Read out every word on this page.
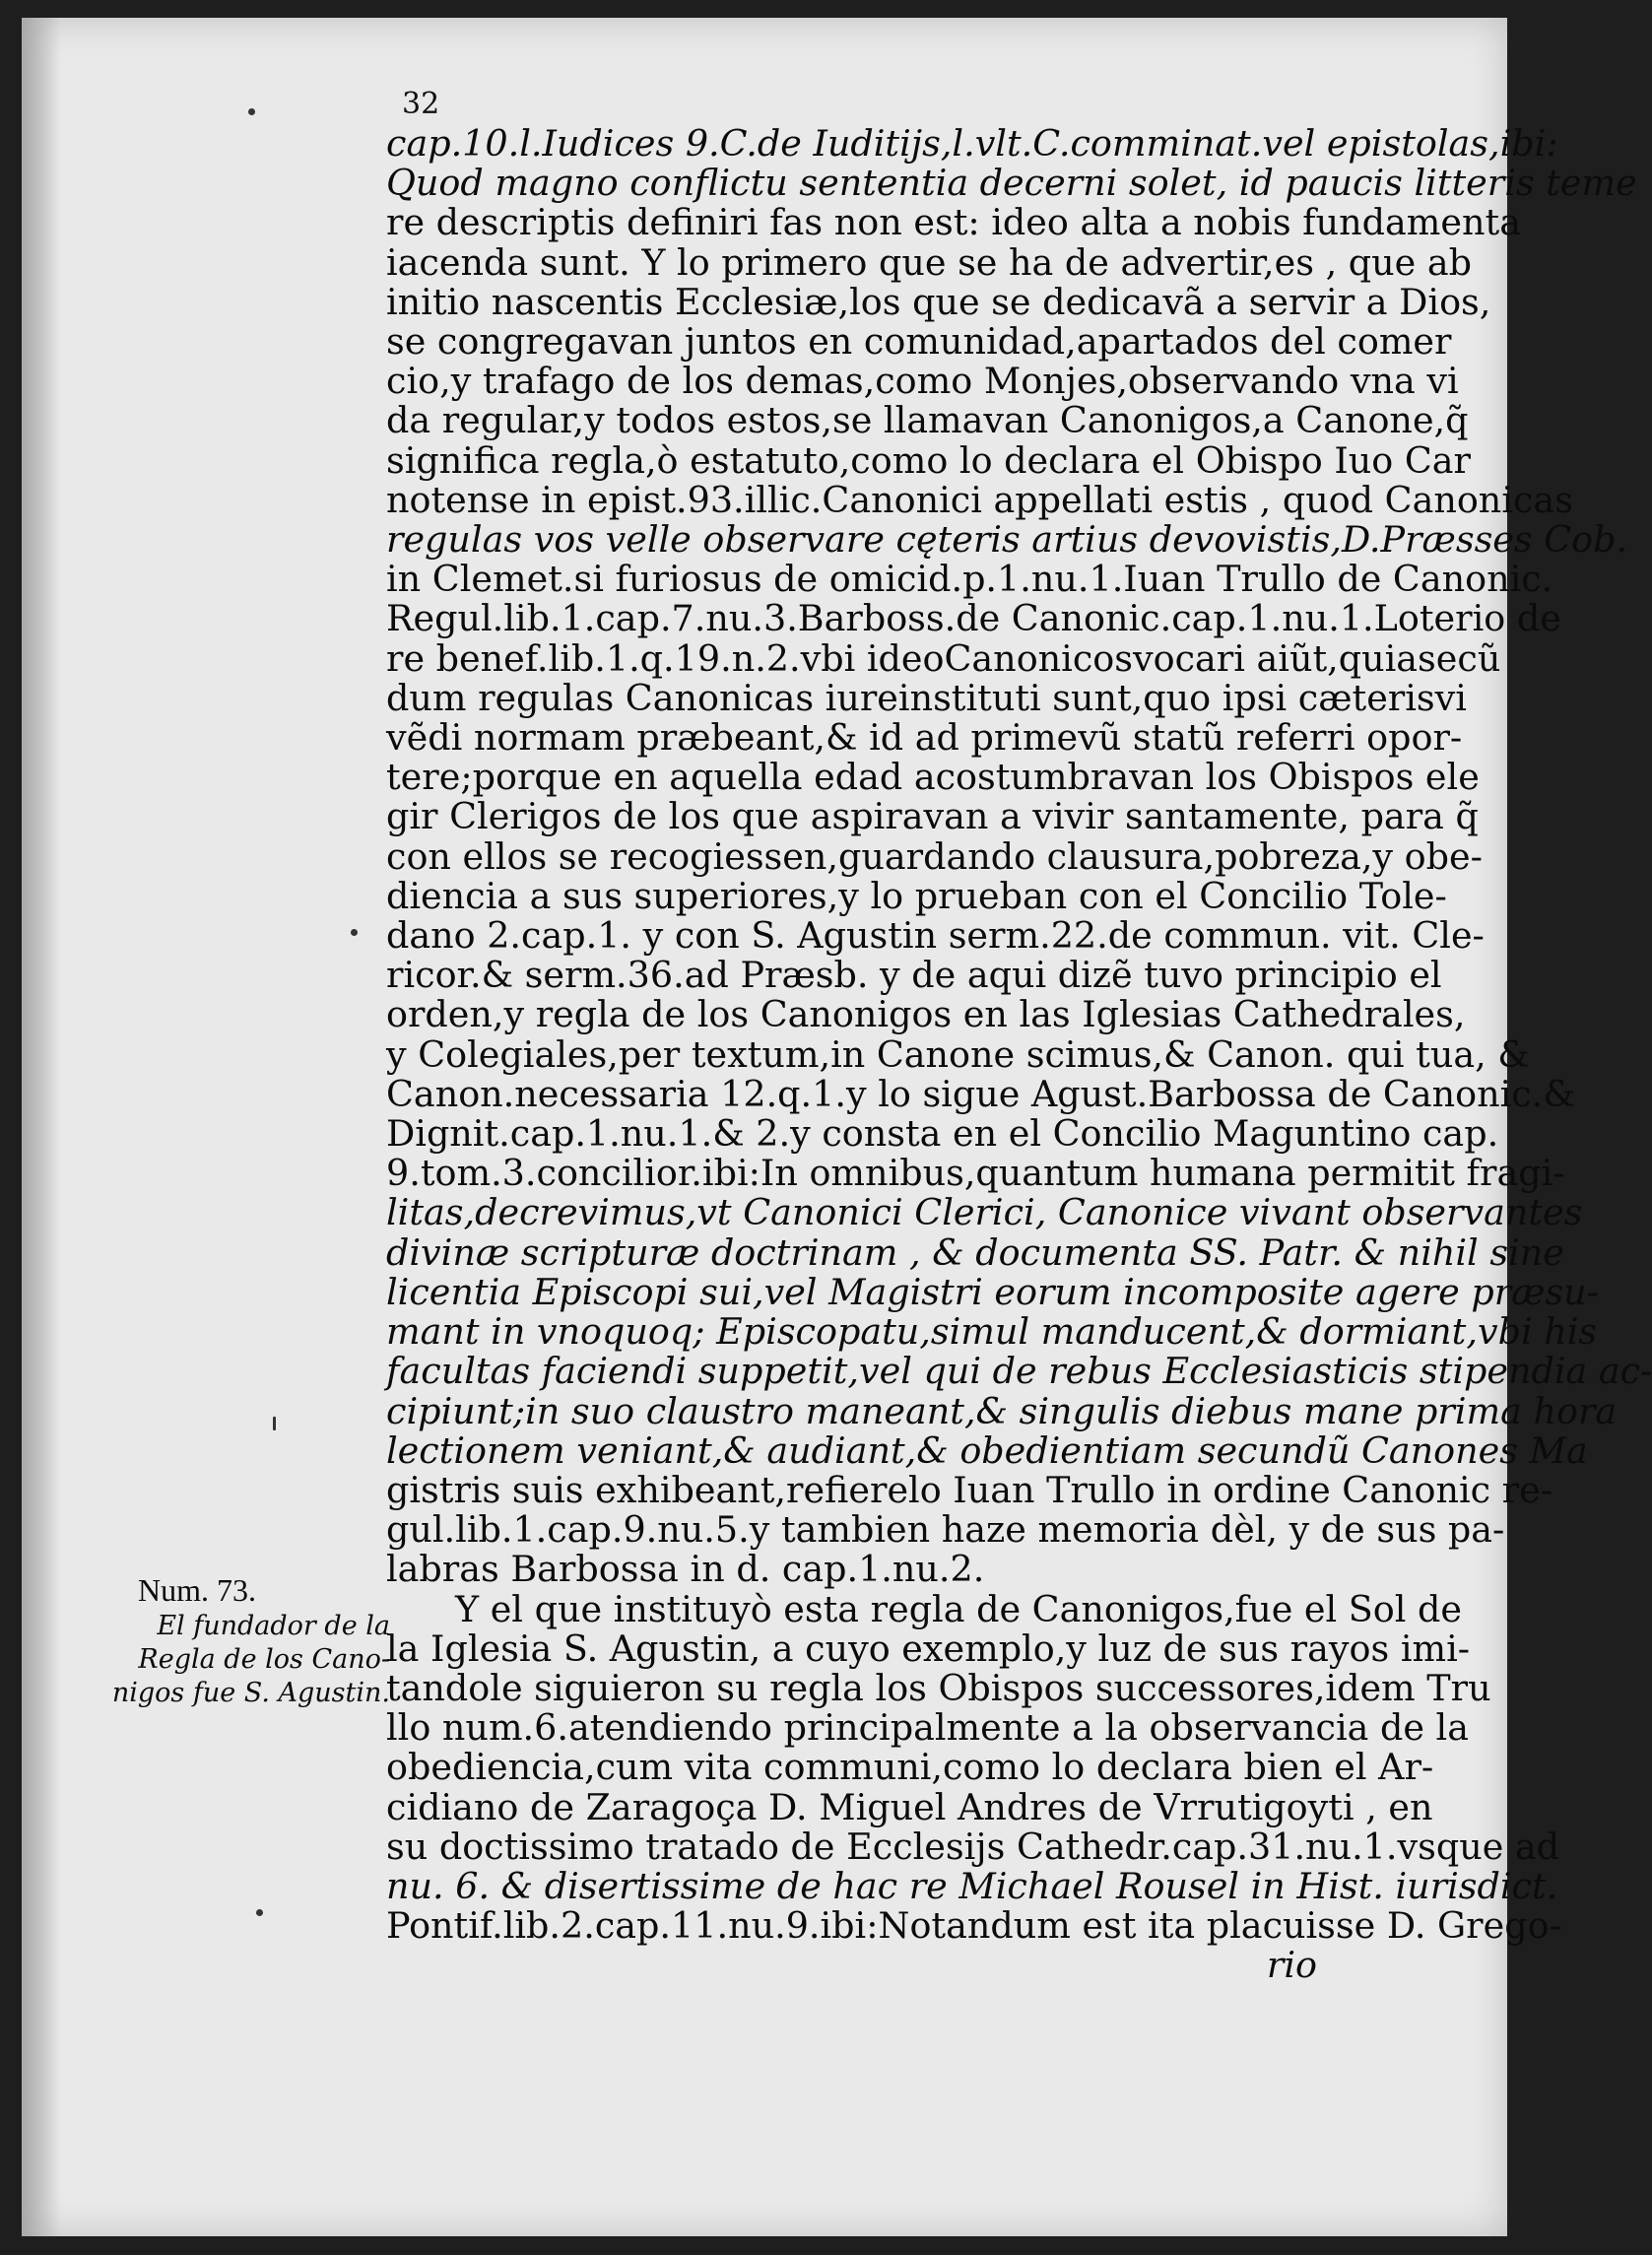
32
cap.10.l.Iudices 9.C.de Iuditijs,l.vlt.C.comminat.vel epistolas,ibi:
Quod magno conflictu sententia decerni solet, id paucis litteris teme
re descriptis definiri fas non est: ideo alta a nobis fundamenta
iacenda sunt. Y lo primero que se ha de advertir,es , que ab
initio nascentis Ecclesiæ,los que se dedicavã a servir a Dios,
se congregavan juntos en comunidad,apartados del comer
cio,y trafago de los demas,como Monjes,observando vna vi
da regular,y todos estos,se llamavan Canonigos,a Canone,q̃
significa regla,ò estatuto,como lo declara el Obispo Iuo Car
notense in epist.93.illic.Canonici appellati estis , quod Canonicas
regulas vos velle observare cęteris artius devovistis,D.Præsses Cob.
in Clemet.si furiosus de omicid.p.1.nu.1.Iuan Trullo de Canonic.
Regul.lib.1.cap.7.nu.3.Barboss.de Canonic.cap.1.nu.1.Loterio de
re benef.lib.1.q.19.n.2.vbi ideoCanonicosvocari aiũt,quiasecũ
dum regulas Canonicas iureinstituti sunt,quo ipsi cæterisvi
vẽdi normam præbeant,& id ad primevũ statũ referri opor-
tere;porque en aquella edad acostumbravan los Obispos ele
gir Clerigos de los que aspiravan a vivir santamente, para q̃
con ellos se recogiessen,guardando clausura,pobreza,y obe-
diencia a sus superiores,y lo prueban con el Concilio Tole-
dano 2.cap.1. y con S. Agustin serm.22.de commun. vit. Cle-
ricor.& serm.36.ad Præsb. y de aqui dizẽ tuvo principio el
orden,y regla de los Canonigos en las Iglesias Cathedrales,
y Colegiales,per textum,in Canone scimus,& Canon. qui tua, &
Canon.necessaria 12.q.1.y lo sigue Agust.Barbossa de Canonic.&
Dignit.cap.1.nu.1.& 2.y consta en el Concilio Maguntino cap.
9.tom.3.concilior.ibi:In omnibus,quantum humana permitit fragi-
litas,decrevimus,vt Canonici Clerici, Canonice vivant observantes
divinæ scripturæ doctrinam , & documenta SS. Patr. & nihil sine
licentia Episcopi sui,vel Magistri eorum incomposite agere præsu-
mant in vnoquoq; Episcopatu,simul manducent,& dormiant,vbi his
facultas faciendi suppetit,vel qui de rebus Ecclesiasticis stipendia ac-
cipiunt;in suo claustro maneant,& singulis diebus mane prima hora
lectionem veniant,& audiant,& obedientiam secundũ Canones Ma
gistris suis exhibeant,refierelo Iuan Trullo in ordine Canonic re-
gul.lib.1.cap.9.nu.5.y tambien haze memoria dèl, y de sus pa-
labras Barbossa in d. cap.1.nu.2.
Y el que instituyò esta regla de Canonigos,fue el Sol de
la Iglesia S. Agustin, a cuyo exemplo,y luz de sus rayos imi-
tandole siguieron su regla los Obispos successores,idem Tru
llo num.6.atendiendo principalmente a la observancia de la
obediencia,cum vita communi,como lo declara bien el Ar-
cidiano de Zaragoça D. Miguel Andres de Vrrutigoyti , en
su doctissimo tratado de Ecclesijs Cathedr.cap.31.nu.1.vsque ad
nu. 6. & disertissime de hac re Michael Rousel in Hist. iurisdict.
Pontif.lib.2.cap.11.nu.9.ibi:Notandum est ita placuisse D. Grego-
rio
Num. 73.
El fundador de la
Regla de los Cano-
nigos fue S. Agustin.
